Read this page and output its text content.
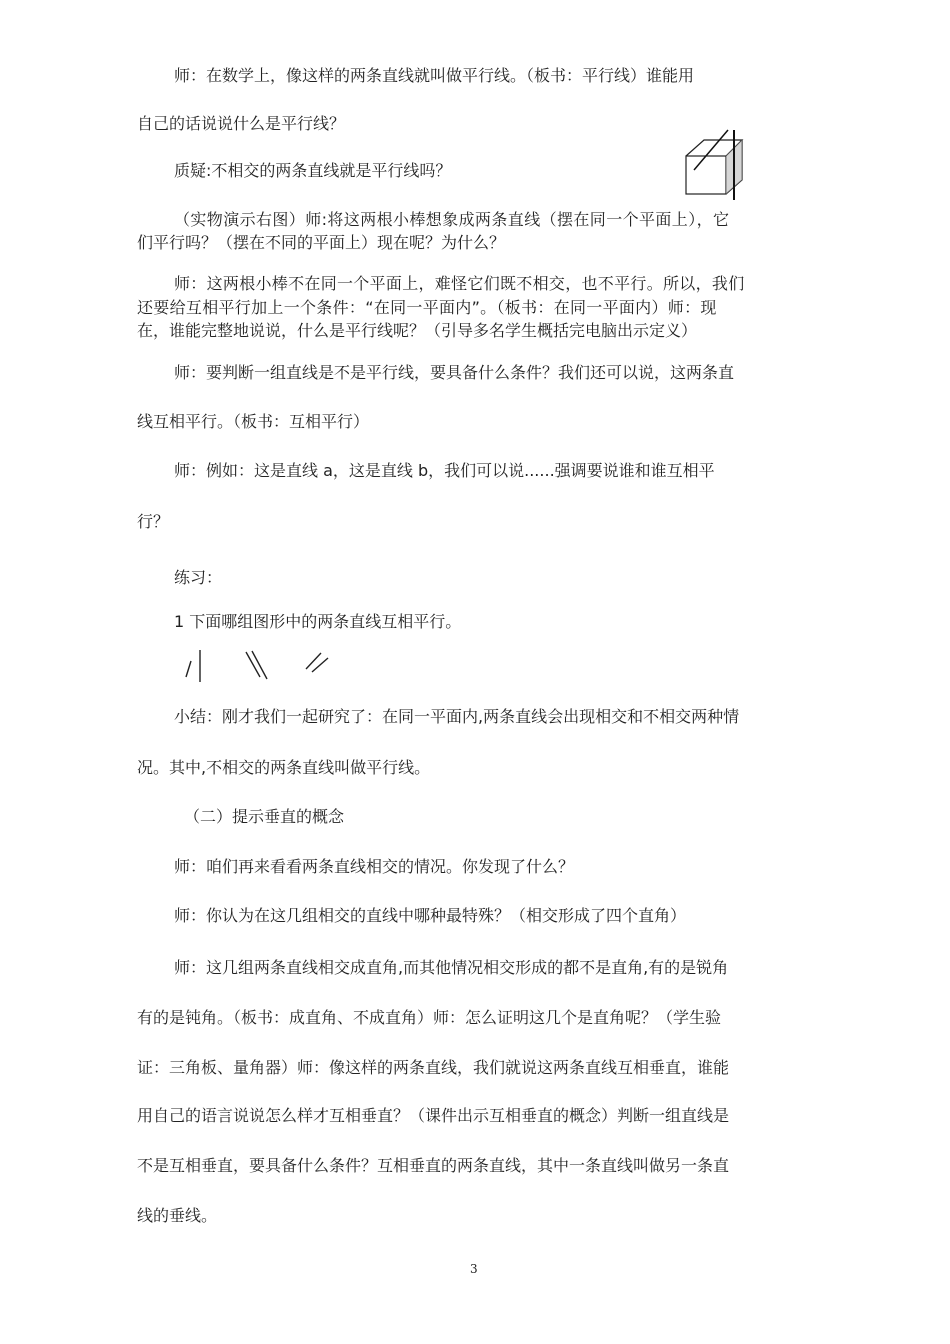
师：在数学上，像这样的两条直线就叫做平行线。（板书：平行线）谁能用
自己的话说说什么是平行线？
质疑:不相交的两条直线就是平行线吗？
（实物演示右图）师:将这两根小棒想象成两条直线（摆在同一个平面上），它
们平行吗？（摆在不同的平面上）现在呢？为什么？
师：这两根小棒不在同一个平面上，难怪它们既不相交，也不平行。所以，我们
还要给互相平行加上一个条件：“在同一平面内”。（板书：在同一平面内）师：现
在，谁能完整地说说，什么是平行线呢？（引导多名学生概括完电脑出示定义）
师：要判断一组直线是不是平行线，要具备什么条件？我们还可以说，这两条直
线互相平行。（板书：互相平行）
师：例如：这是直线 a，这是直线 b，我们可以说......强调要说谁和谁互相平
行？
练习：
1 下面哪组图形中的两条直线互相平行。
小结：刚才我们一起研究了：在同一平面内,两条直线会出现相交和不相交两种情
况。其中,不相交的两条直线叫做平行线。
（二）提示垂直的概念
师：咱们再来看看两条直线相交的情况。你发现了什么？
师：你认为在这几组相交的直线中哪种最特殊？（相交形成了四个直角）
师：这几组两条直线相交成直角,而其他情况相交形成的都不是直角,有的是锐角
有的是钝角。（板书：成直角、不成直角）师：怎么证明这几个是直角呢？（学生验
证：三角板、量角器）师：像这样的两条直线，我们就说这两条直线互相垂直，谁能
用自己的语言说说怎么样才互相垂直？（课件出示互相垂直的概念）判断一组直线是
不是互相垂直，要具备什么条件？互相垂直的两条直线，其中一条直线叫做另一条直
线的垂线。
3
